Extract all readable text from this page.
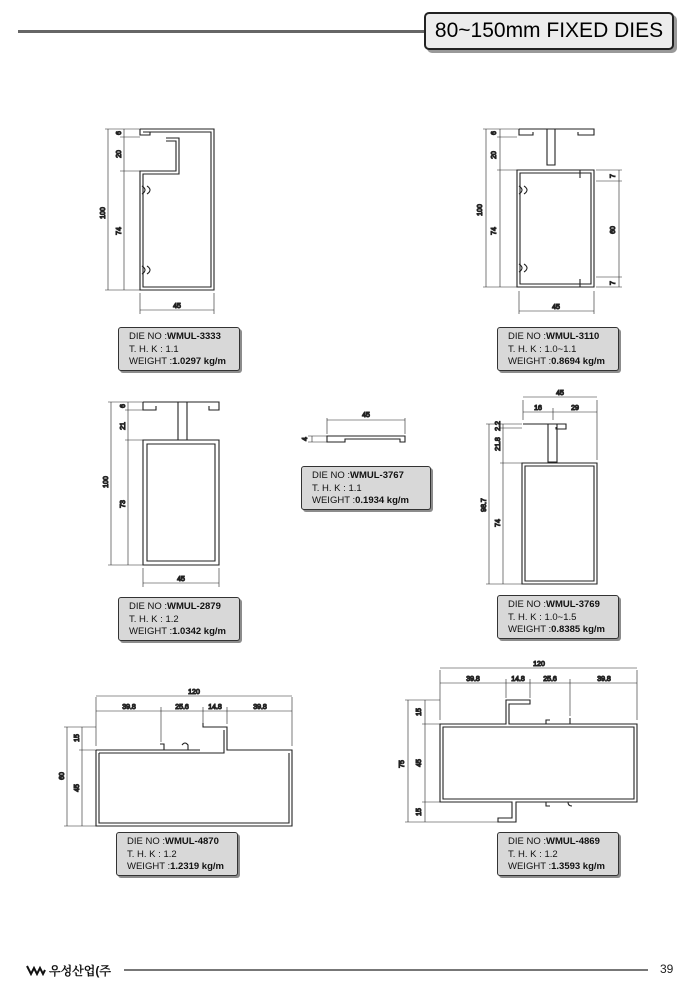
80~150mm FIXED DIES
100
6
20
74
45
100
6
20
74
7
60
7
45
100
6
21
73
45
45
4
45
16	29
2.2
21.8
98.7
74
120
39.8	25.6	14.8	39.8
60
15
45
120
39.8	14.8	25.6	39.8
75
15
45
15
DIE NO :WMUL-3333
T. H. K : 1.1
WEIGHT :1.0297 kg/m
DIE NO :WMUL-3110
T. H. K : 1.0~1.1
WEIGHT :0.8694 kg/m
DIE NO :WMUL-2879
T. H. K : 1.2
WEIGHT :1.0342 kg/m
DIE NO :WMUL-3767
T. H. K : 1.1
WEIGHT :0.1934 kg/m
DIE NO :WMUL-3769
T. H. K : 1.0~1.5
WEIGHT :0.8385 kg/m
DIE NO :WMUL-4870
T. H. K : 1.2
WEIGHT :1.2319 kg/m
DIE NO :WMUL-4869
T. H. K : 1.2
WEIGHT :1.3593 kg/m
우성산업(주	39
